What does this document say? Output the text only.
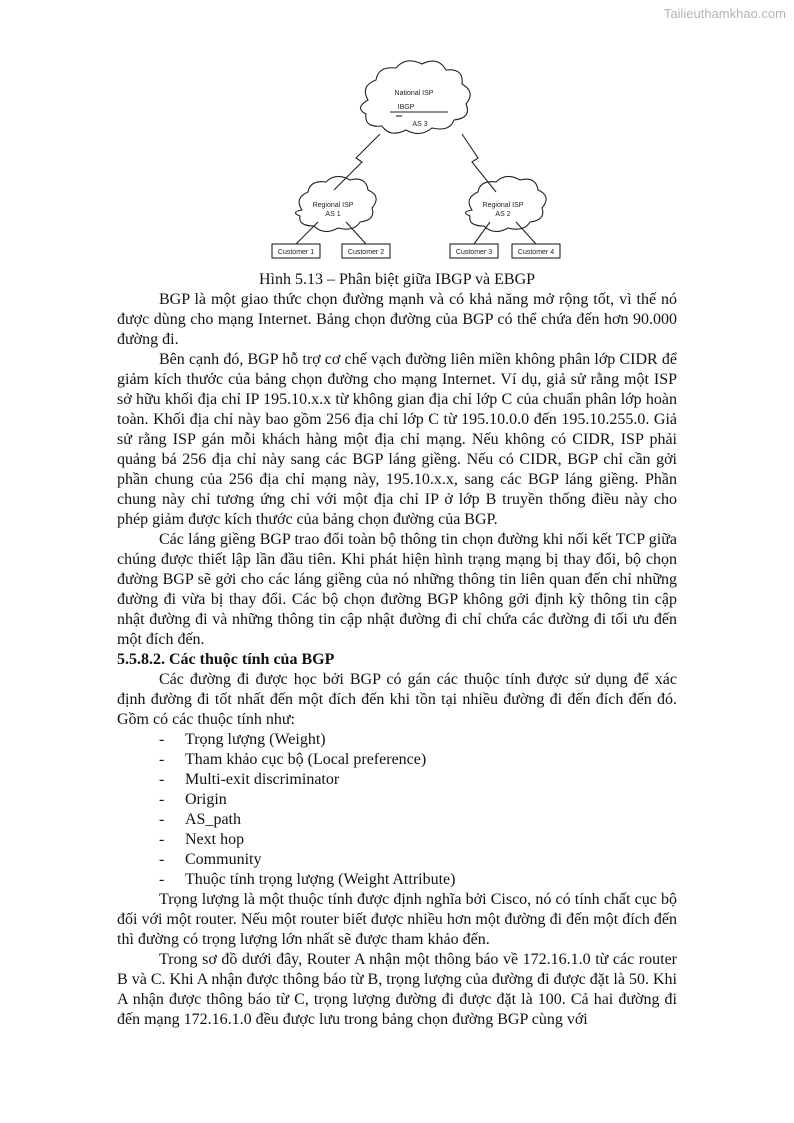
Tailieuthamkhao.com
National ISP
IBGP
AS 3
Regional ISP
AS 1
Regional ISP
AS 2
Customer 1	Customer 2	Customer 3	Customer 4
Hình 5.13 – Phân biệt giữa IBGP và EBGP

BGP là một giao thức chọn đường mạnh và có khả năng mở rộng tốt, vì thế nó được dùng cho mạng Internet. Bảng chọn đường của BGP có thể chứa đến hơn 90.000 đường đi.

Bên cạnh đó, BGP hỗ trợ cơ chế vạch đường liên miền không phân lớp CIDR để giảm kích thước của bảng chọn đường cho mạng Internet. Ví dụ, giả sử rằng một ISP sở hữu khối địa chỉ IP 195.10.x.x từ không gian địa chỉ lớp C của chuẩn phân lớp hoàn toàn. Khối địa chỉ này bao gồm 256 địa chỉ lớp C từ 195.10.0.0 đến 195.10.255.0. Giả sử rằng ISP gán mỗi khách hàng một địa chỉ mạng. Nếu không có CIDR, ISP phải quảng bá 256 địa chỉ này sang các BGP láng giềng. Nếu có CIDR, BGP chỉ cần gởi phần chung của 256 địa chỉ mạng này, 195.10.x.x, sang các BGP láng giềng. Phần chung này chỉ tương ứng chỉ với một địa chỉ IP ở lớp B truyền thống điều này cho phép giảm được kích thước của bảng chọn đường của BGP.

Các láng giềng BGP trao đổi toàn bộ thông tin chọn đường khi nối kết TCP giữa chúng được thiết lập lần đầu tiên. Khi phát hiện hình trạng mạng bị thay đổi, bộ chọn đường BGP sẽ gởi cho các láng giềng của nó những thông tin liên quan đến chỉ những đường đi vừa bị thay đổi. Các bộ chọn đường BGP không gởi định kỳ thông tin cập nhật đường đi và những thông tin cập nhật đường đi chỉ chứa các đường đi tối ưu đến một đích đến.

5.5.8.2. Các thuộc tính của BGP

Các đường đi được học bởi BGP có gán các thuộc tính được sử dụng để xác định đường đi tốt nhất đến một đích đến khi tồn tại nhiều đường đi đến đích đến đó. Gồm có các thuộc tính như:

- Trọng lượng (Weight)
- Tham khảo cục bộ (Local preference)
- Multi-exit discriminator
- Origin
- AS_path
- Next hop
- Community
- Thuộc tính trọng lượng (Weight Attribute)

Trọng lượng là một thuộc tính được định nghĩa bởi Cisco, nó có tính chất cục bộ đối với một router. Nếu một router biết được nhiều hơn một đường đi đến một đích đến thì đường có trọng lượng lớn nhất sẽ được tham khảo đến.

Trong sơ đồ dưới đây, Router A nhận một thông báo về 172.16.1.0 từ các router B và C. Khi A nhận được thông báo từ B, trọng lượng của đường đi được đặt là 50. Khi A nhận được thông báo từ C, trọng lượng đường đi được đặt là 100. Cả hai đường đi đến mạng 172.16.1.0 đều được lưu trong bảng chọn đường BGP cùng với
